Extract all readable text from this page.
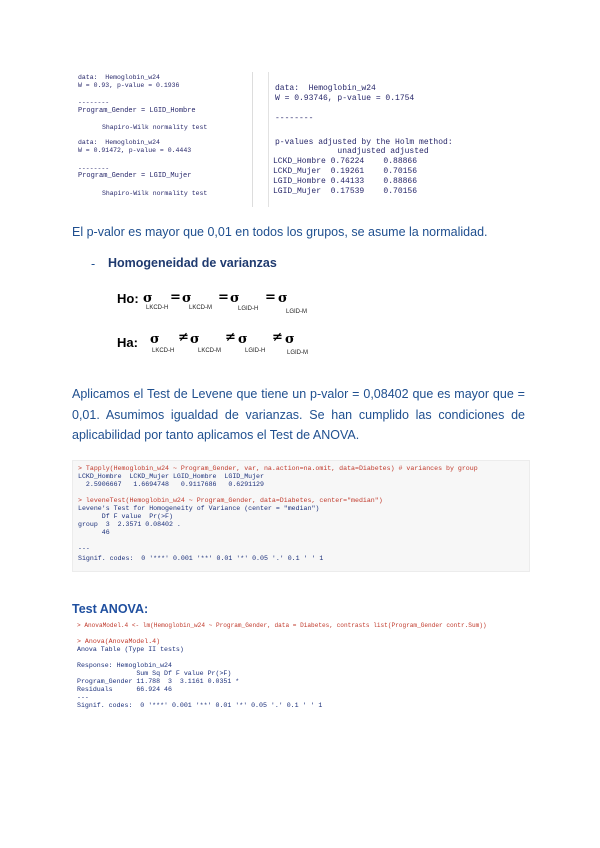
data:  Hemoglobin_w24
W = 0.93, p-value = 0.1936
--------
Program_Gender = LGID_Hombre
Shapiro-Wilk normality test
data:  Hemoglobin_w24
W = 0.91472, p-value = 0.4443
--------
Program_Gender = LGID_Mujer
Shapiro-Wilk normality test
data:  Hemoglobin_w24
W = 0.93746, p-value = 0.1754
--------
p-values adjusted by the Holm method:
unadjusted adjusted
LCKD_Hombre 0.76224    0.88866
LCKD_Mujer  0.19261    0.70156
LGID_Hombre 0.44133    0.88866
LGID_Mujer  0.17539    0.70156
El p-valor es mayor que 0,01 en todos los grupos, se asume la normalidad.
- Homogeneidad de varianzas
Ho: σ
LKCD-H
= σ
LKCD-M
= σ
LGID-H
= σ
LGID-M
Ha: σ
LKCD-H
≠ σ
LKCD-M
≠ σ
LGID-H
≠ σ
LGID-M
Aplicamos el Test de Levene que tiene un p-valor = 0,08402 que es mayor que = 0,01. Asumimos igualdad de varianzas. Se han cumplido las condiciones de aplicabilidad por tanto aplicamos el Test de ANOVA.
> Tapply(Hemoglobin_w24 ~ Program_Gender, var, na.action=na.omit, data=Diabetes) # variances by group
LCKD_Hombre  LCKD_Mujer LGID_Hombre  LGID_Mujer
2.5906667   1.6694748   0.9117686   0.6291129
> leveneTest(Hemoglobin_w24 ~ Program_Gender, data=Diabetes, center="median")
Levene's Test for Homogeneity of Variance (center = "median")
Df F value  Pr(>F)
group  3  2.3571 0.08402 .
46
---
Signif. codes:  0 '***' 0.001 '**' 0.01 '*' 0.05 '.' 0.1 ' ' 1
Test ANOVA:
> AnovaModel.4 <- lm(Hemoglobin_w24 ~ Program_Gender, data = Diabetes, contrasts list(Program_Gender contr.Sum))
> Anova(AnovaModel.4)
Anova Table (Type II tests)
Response: Hemoglobin_w24
Sum Sq Df F value Pr(>F)
Program_Gender 11.788  3  3.1161 0.0351 *
Residuals      66.924 46
---
Signif. codes:  0 '***' 0.001 '**' 0.01 '*' 0.05 '.' 0.1 ' ' 1
